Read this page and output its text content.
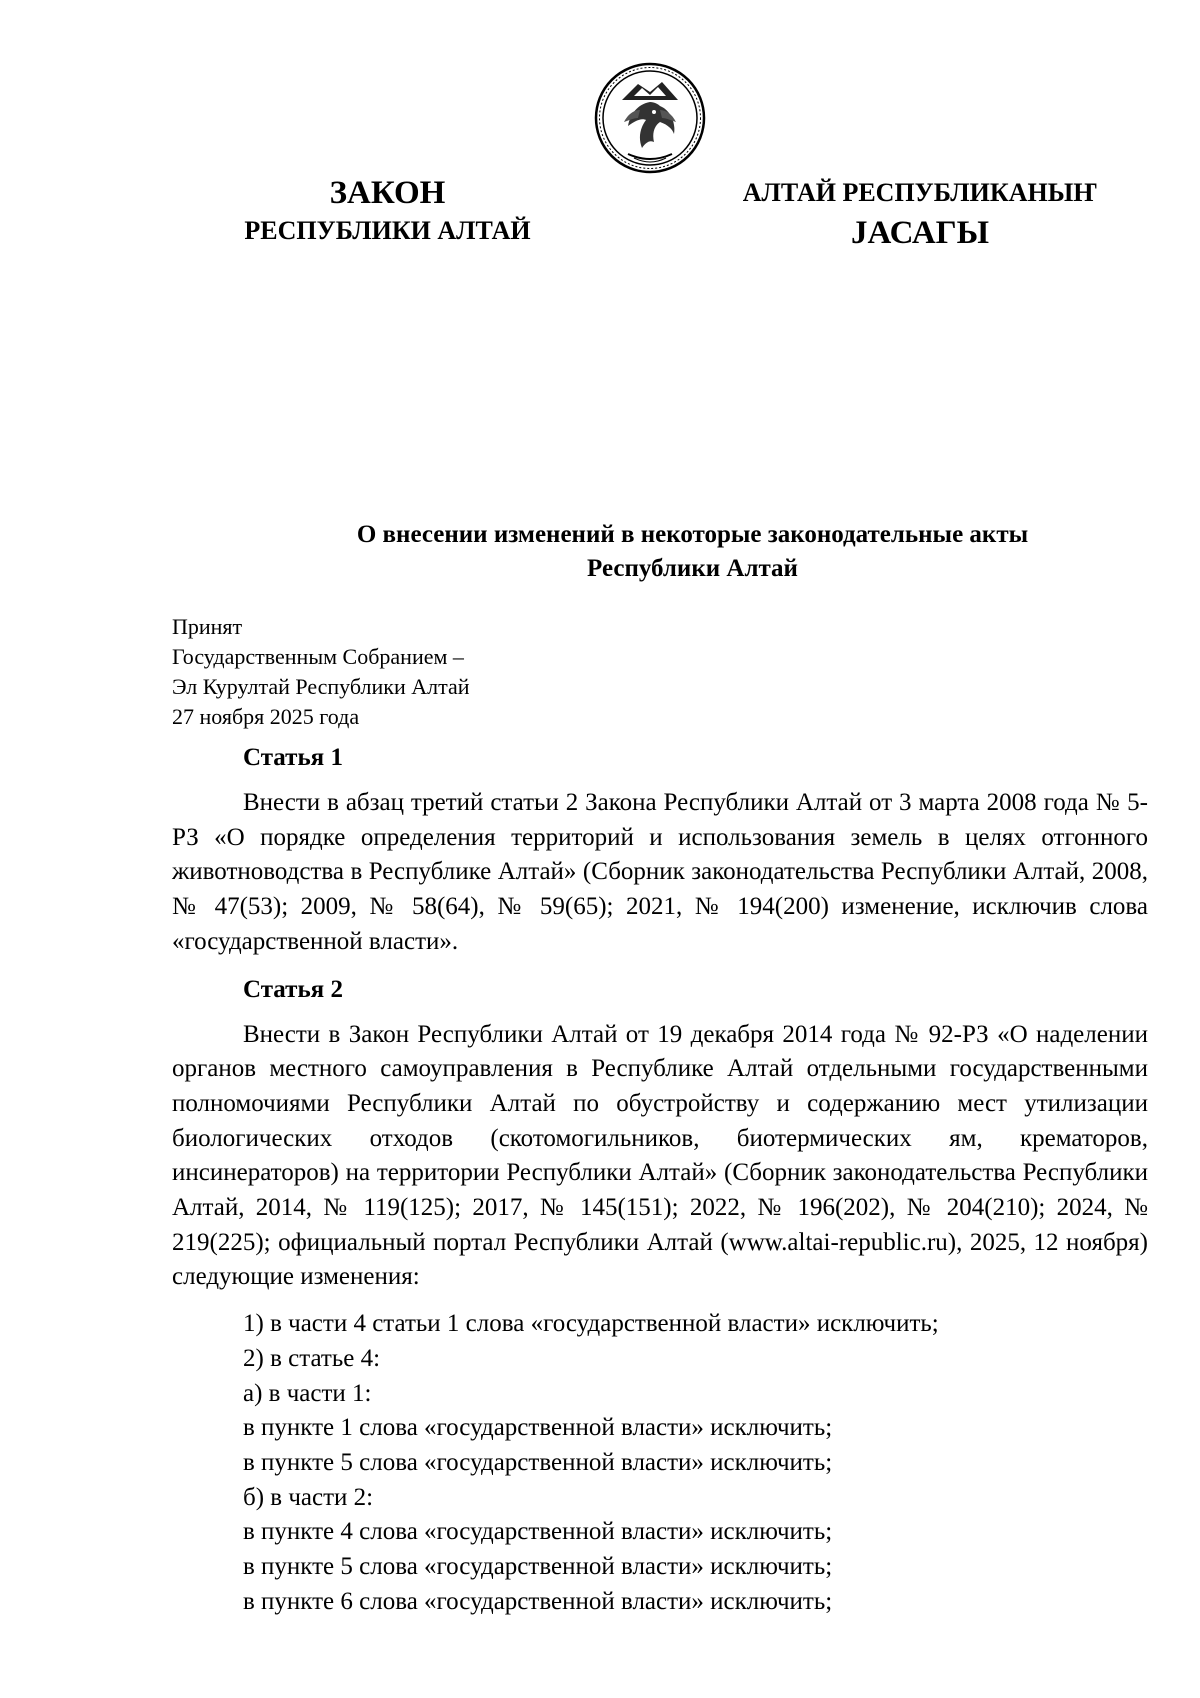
ЗАКОН
РЕСПУБЛИКИ АЛТАЙ
АЛТАЙ РЕСПУБЛИКАНЫҤ
ЈАСАГЫ
О внесении изменений в некоторые законодательные акты Республики Алтай
Принят
Государственным Собранием –
Эл Курултай Республики Алтай
27 ноября 2025 года
Статья 1

Внести в абзац третий статьи 2 Закона Республики Алтай от 3 марта 2008 года № 5-РЗ «О порядке определения территорий и использования земель в целях отгонного животноводства в Республике Алтай» (Сборник законодательства Республики Алтай, 2008, № 47(53); 2009, № 58(64), № 59(65); 2021, № 194(200) изменение, исключив слова «государственной власти».

Статья 2

Внести в Закон Республики Алтай от 19 декабря 2014 года № 92-РЗ «О наделении органов местного самоуправления в Республике Алтай отдельными государственными полномочиями Республики Алтай по обустройству и содержанию мест утилизации биологических отходов (скотомогильников, биотермических ям, крематоров, инсинераторов) на территории Республики Алтай» (Сборник законодательства Республики Алтай, 2014, № 119(125); 2017, № 145(151); 2022, № 196(202), № 204(210); 2024, № 219(225); официальный портал Республики Алтай (www.altai-republic.ru), 2025, 12 ноября) следующие изменения:

1) в части 4 статьи 1 слова «государственной власти» исключить;
2) в статье 4:
а) в части 1:
в пункте 1 слова «государственной власти» исключить;
в пункте 5 слова «государственной власти» исключить;
б) в части 2:
в пункте 4 слова «государственной власти» исключить;
в пункте 5 слова «государственной власти» исключить;
в пункте 6 слова «государственной власти» исключить;
